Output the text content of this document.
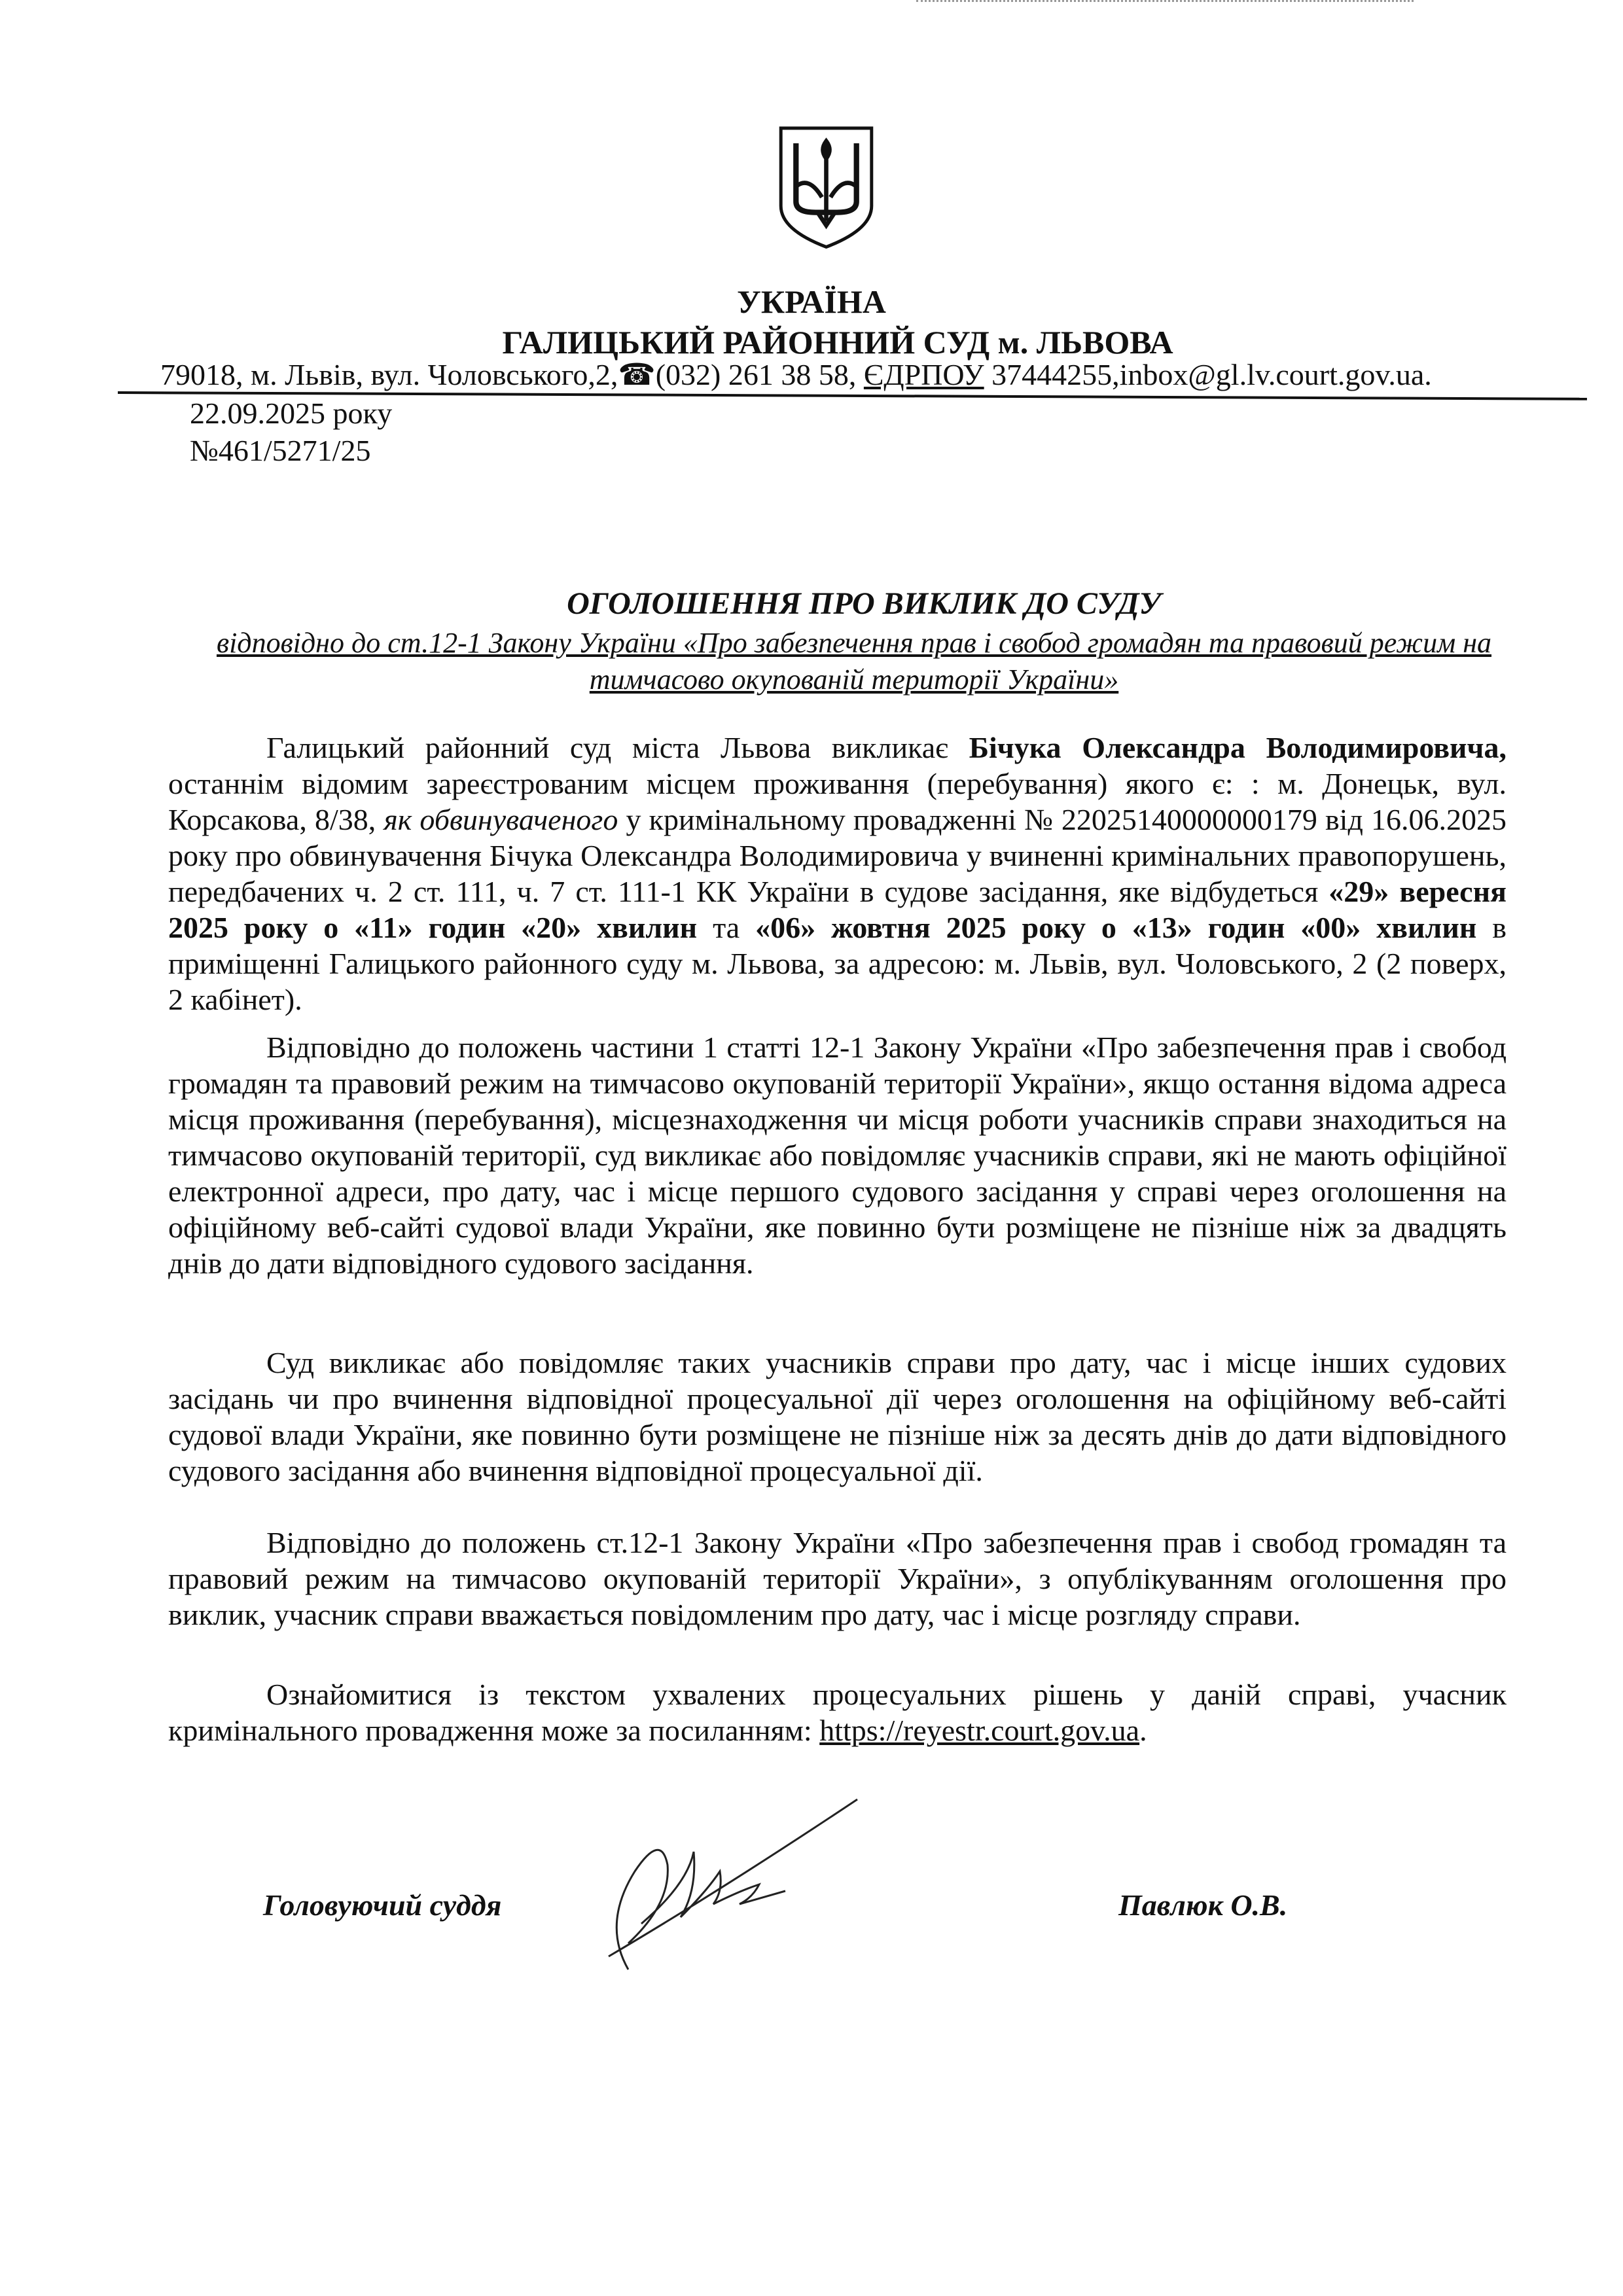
УКРАЇНА
ГАЛИЦЬКИЙ РАЙОННИЙ СУД м. ЛЬВОВА
79018, м. Львів, вул. Чоловського,2,☎(032) 261 38 58, ЄДРПОУ 37444255,inbox@gl.lv.court.gov.ua.
22.09.2025 року
№461/5271/25
ОГОЛОШЕННЯ ПРО ВИКЛИК ДО СУДУ
відповідно до ст.12-1 Закону України «Про забезпечення прав і свобод громадян та правовий режим на тимчасово окупованій території України»
Галицький районний суд міста Львова викликає Бічука Олександра Володимировича, останнім відомим зареєстрованим місцем проживання (перебування) якого є: : м. Донецьк, вул. Корсакова, 8/38, як обвинуваченого у кримінальному провадженні № 22025140000000179 від 16.06.2025 року про обвинувачення Бічука Олександра Володимировича у вчиненні кримінальних правопорушень, передбачених ч. 2 ст. 111, ч. 7 ст. 111-1 КК України в судове засідання, яке відбудеться «29» вересня 2025 року о «11» годин «20» хвилин та «06» жовтня 2025 року о «13» годин «00» хвилин в приміщенні Галицького районного суду м. Львова, за адресою: м. Львів, вул. Чоловського, 2 (2 поверх, 2 кабінет).
Відповідно до положень частини 1 статті 12-1 Закону України «Про забезпечення прав і свобод громадян та правовий режим на тимчасово окупованій території України», якщо остання відома адреса місця проживання (перебування), місцезнаходження чи місця роботи учасників справи знаходиться на тимчасово окупованій території, суд викликає або повідомляє учасників справи, які не мають офіційної електронної адреси, про дату, час і місце першого судового засідання у справі через оголошення на офіційному веб-сайті судової влади України, яке повинно бути розміщене не пізніше ніж за двадцять днів до дати відповідного судового засідання.
Суд викликає або повідомляє таких учасників справи про дату, час і місце інших судових засідань чи про вчинення відповідної процесуальної дії через оголошення на офіційному веб-сайті судової влади України, яке повинно бути розміщене не пізніше ніж за десять днів до дати відповідного судового засідання або вчинення відповідної процесуальної дії.
Відповідно до положень ст.12-1 Закону України «Про забезпечення прав і свобод громадян та правовий режим на тимчасово окупованій території України», з опублікуванням оголошення про виклик, учасник справи вважається повідомленим про дату, час і місце розгляду справи.
Ознайомитися із текстом ухвалених процесуальних рішень у даній справі, учасник кримінального провадження може за посиланням: https://reyestr.court.gov.ua.
Головуючий суддя	Павлюк О.В.
